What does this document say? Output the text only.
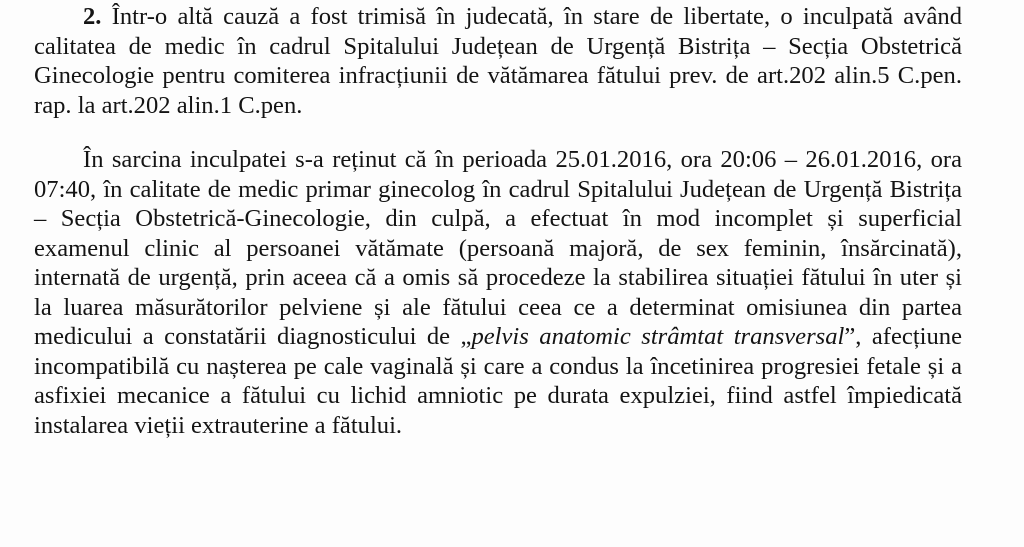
2. Într-o altă cauză a fost trimisă în judecată, în stare de libertate, o inculpată având calitatea de medic în cadrul Spitalului Județean de Urgență Bistrița – Secția Obstetrică Ginecologie pentru comiterea infracțiunii de vătămarea fătului prev. de art.202 alin.5 C.pen. rap. la art.202 alin.1 C.pen.

În sarcina inculpatei s-a reținut că în perioada 25.01.2016, ora 20:06 – 26.01.2016, ora 07:40, în calitate de medic primar ginecolog în cadrul Spitalului Județean de Urgență Bistrița – Secția Obstetrică-Ginecologie, din culpă, a efectuat în mod incomplet și superficial examenul clinic al persoanei vătămate (persoană majoră, de sex feminin, însărcinată), internată de urgență, prin aceea că a omis să procedeze la stabilirea situației fătului în uter și la luarea măsurătorilor pelviene și ale fătului ceea ce a determinat omisiunea din partea medicului a constatării diagnosticului de „pelvis anatomic strâmtat transversal”, afecțiune incompatibilă cu nașterea pe cale vaginală și care a condus la încetinirea progresiei fetale și a asfixiei mecanice a fătului cu lichid amniotic pe durata expulziei, fiind astfel împiedicată instalarea vieții extrauterine a fătului.
